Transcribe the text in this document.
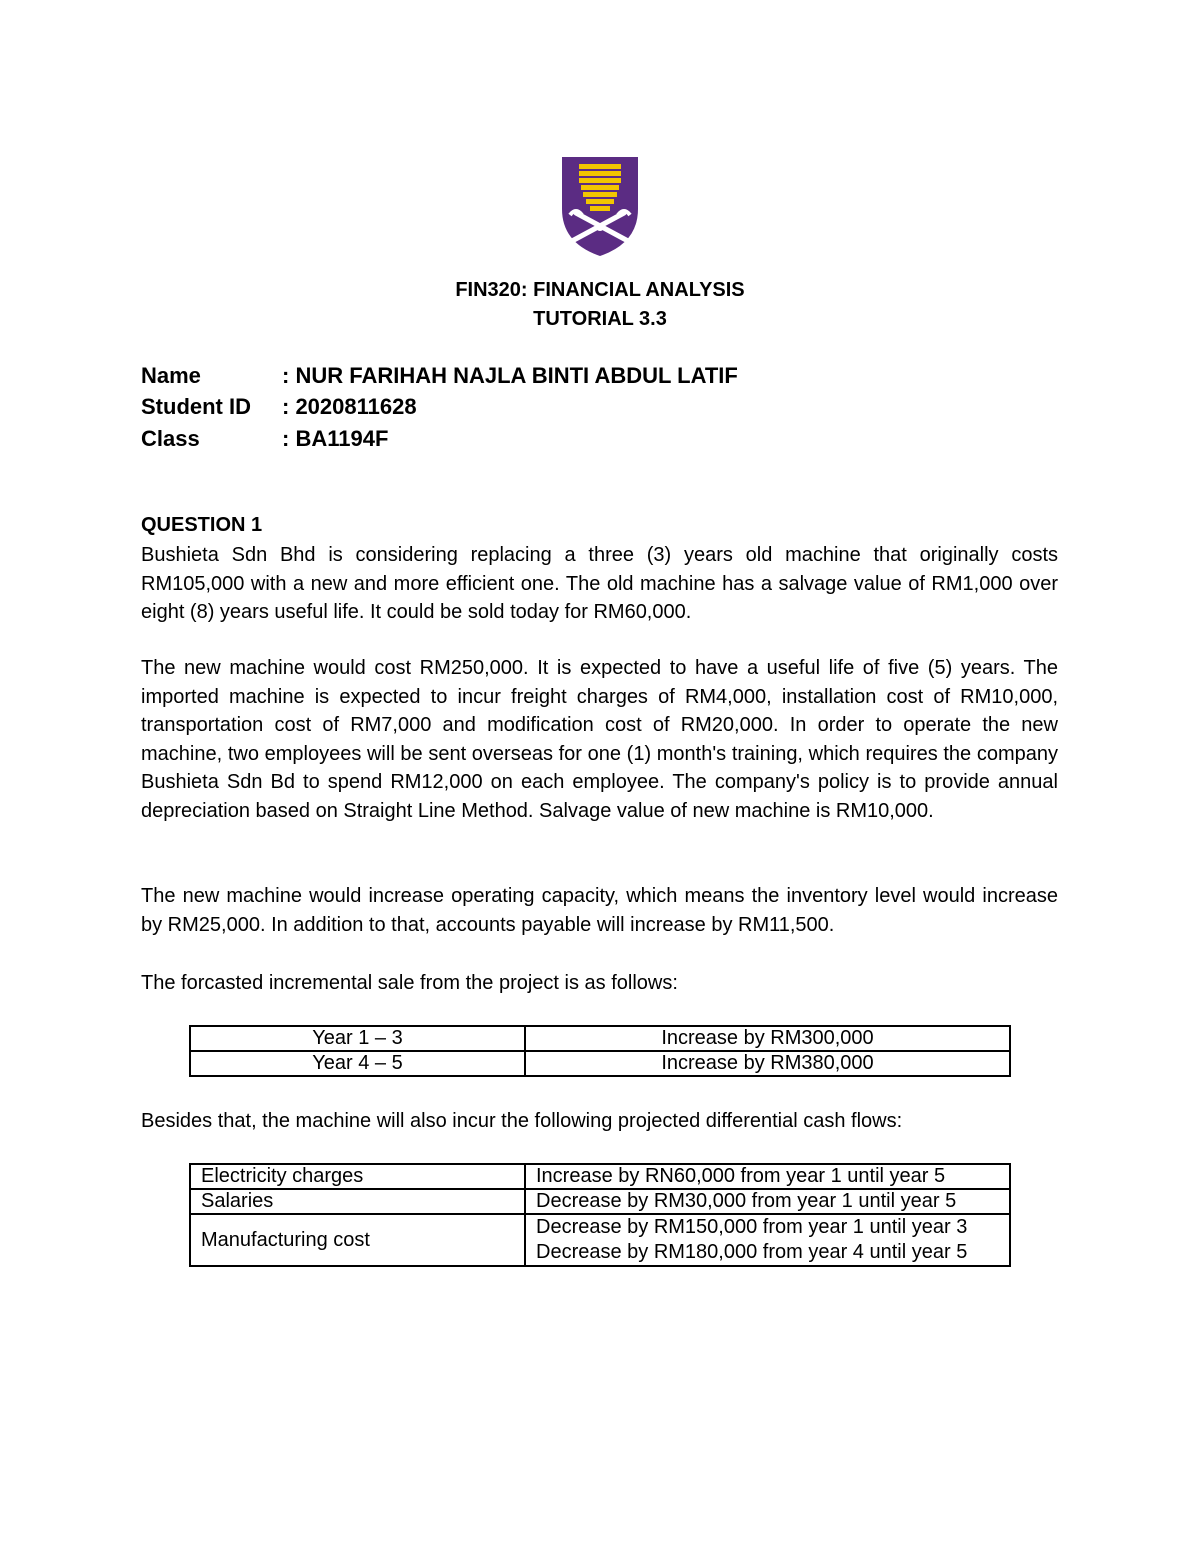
FIN320: FINANCIAL ANALYSIS
TUTORIAL 3.3
Name	: NUR FARIHAH NAJLA BINTI ABDUL LATIF
Student ID : 2020811628
Class	: BA1194F
QUESTION 1

Bushieta Sdn Bhd is considering replacing a three (3) years old machine that originally costs RM105,000 with a new and more efficient one. The old machine has a salvage value of RM1,000 over eight (8) years useful life. It could be sold today for RM60,000.

The new machine would cost RM250,000. It is expected to have a useful life of five (5) years. The imported machine is expected to incur freight charges of RM4,000, installation cost of RM10,000, transportation cost of RM7,000 and modification cost of RM20,000. In order to operate the new machine, two employees will be sent overseas for one (1) month's training, which requires the company Bushieta Sdn Bd to spend RM12,000 on each employee. The company's policy is to provide annual depreciation based on Straight Line Method. Salvage value of new machine is RM10,000.

The new machine would increase operating capacity, which means the inventory level would increase by RM25,000. In addition to that, accounts payable will increase by RM11,500.

The forcasted incremental sale from the project is as follows:

Year 1 – 3	Increase by RM300,000
Year 4 – 5	Increase by RM380,000

Besides that, the machine will also incur the following projected differential cash flows:

Electricity charges	Increase by RN60,000 from year 1 until year 5
Salaries	Decrease by RM30,000 from year 1 until year 5
Manufacturing cost	Decrease by RM150,000 from year 1 until year 3
Decrease by RM180,000 from year 4 until year 5
